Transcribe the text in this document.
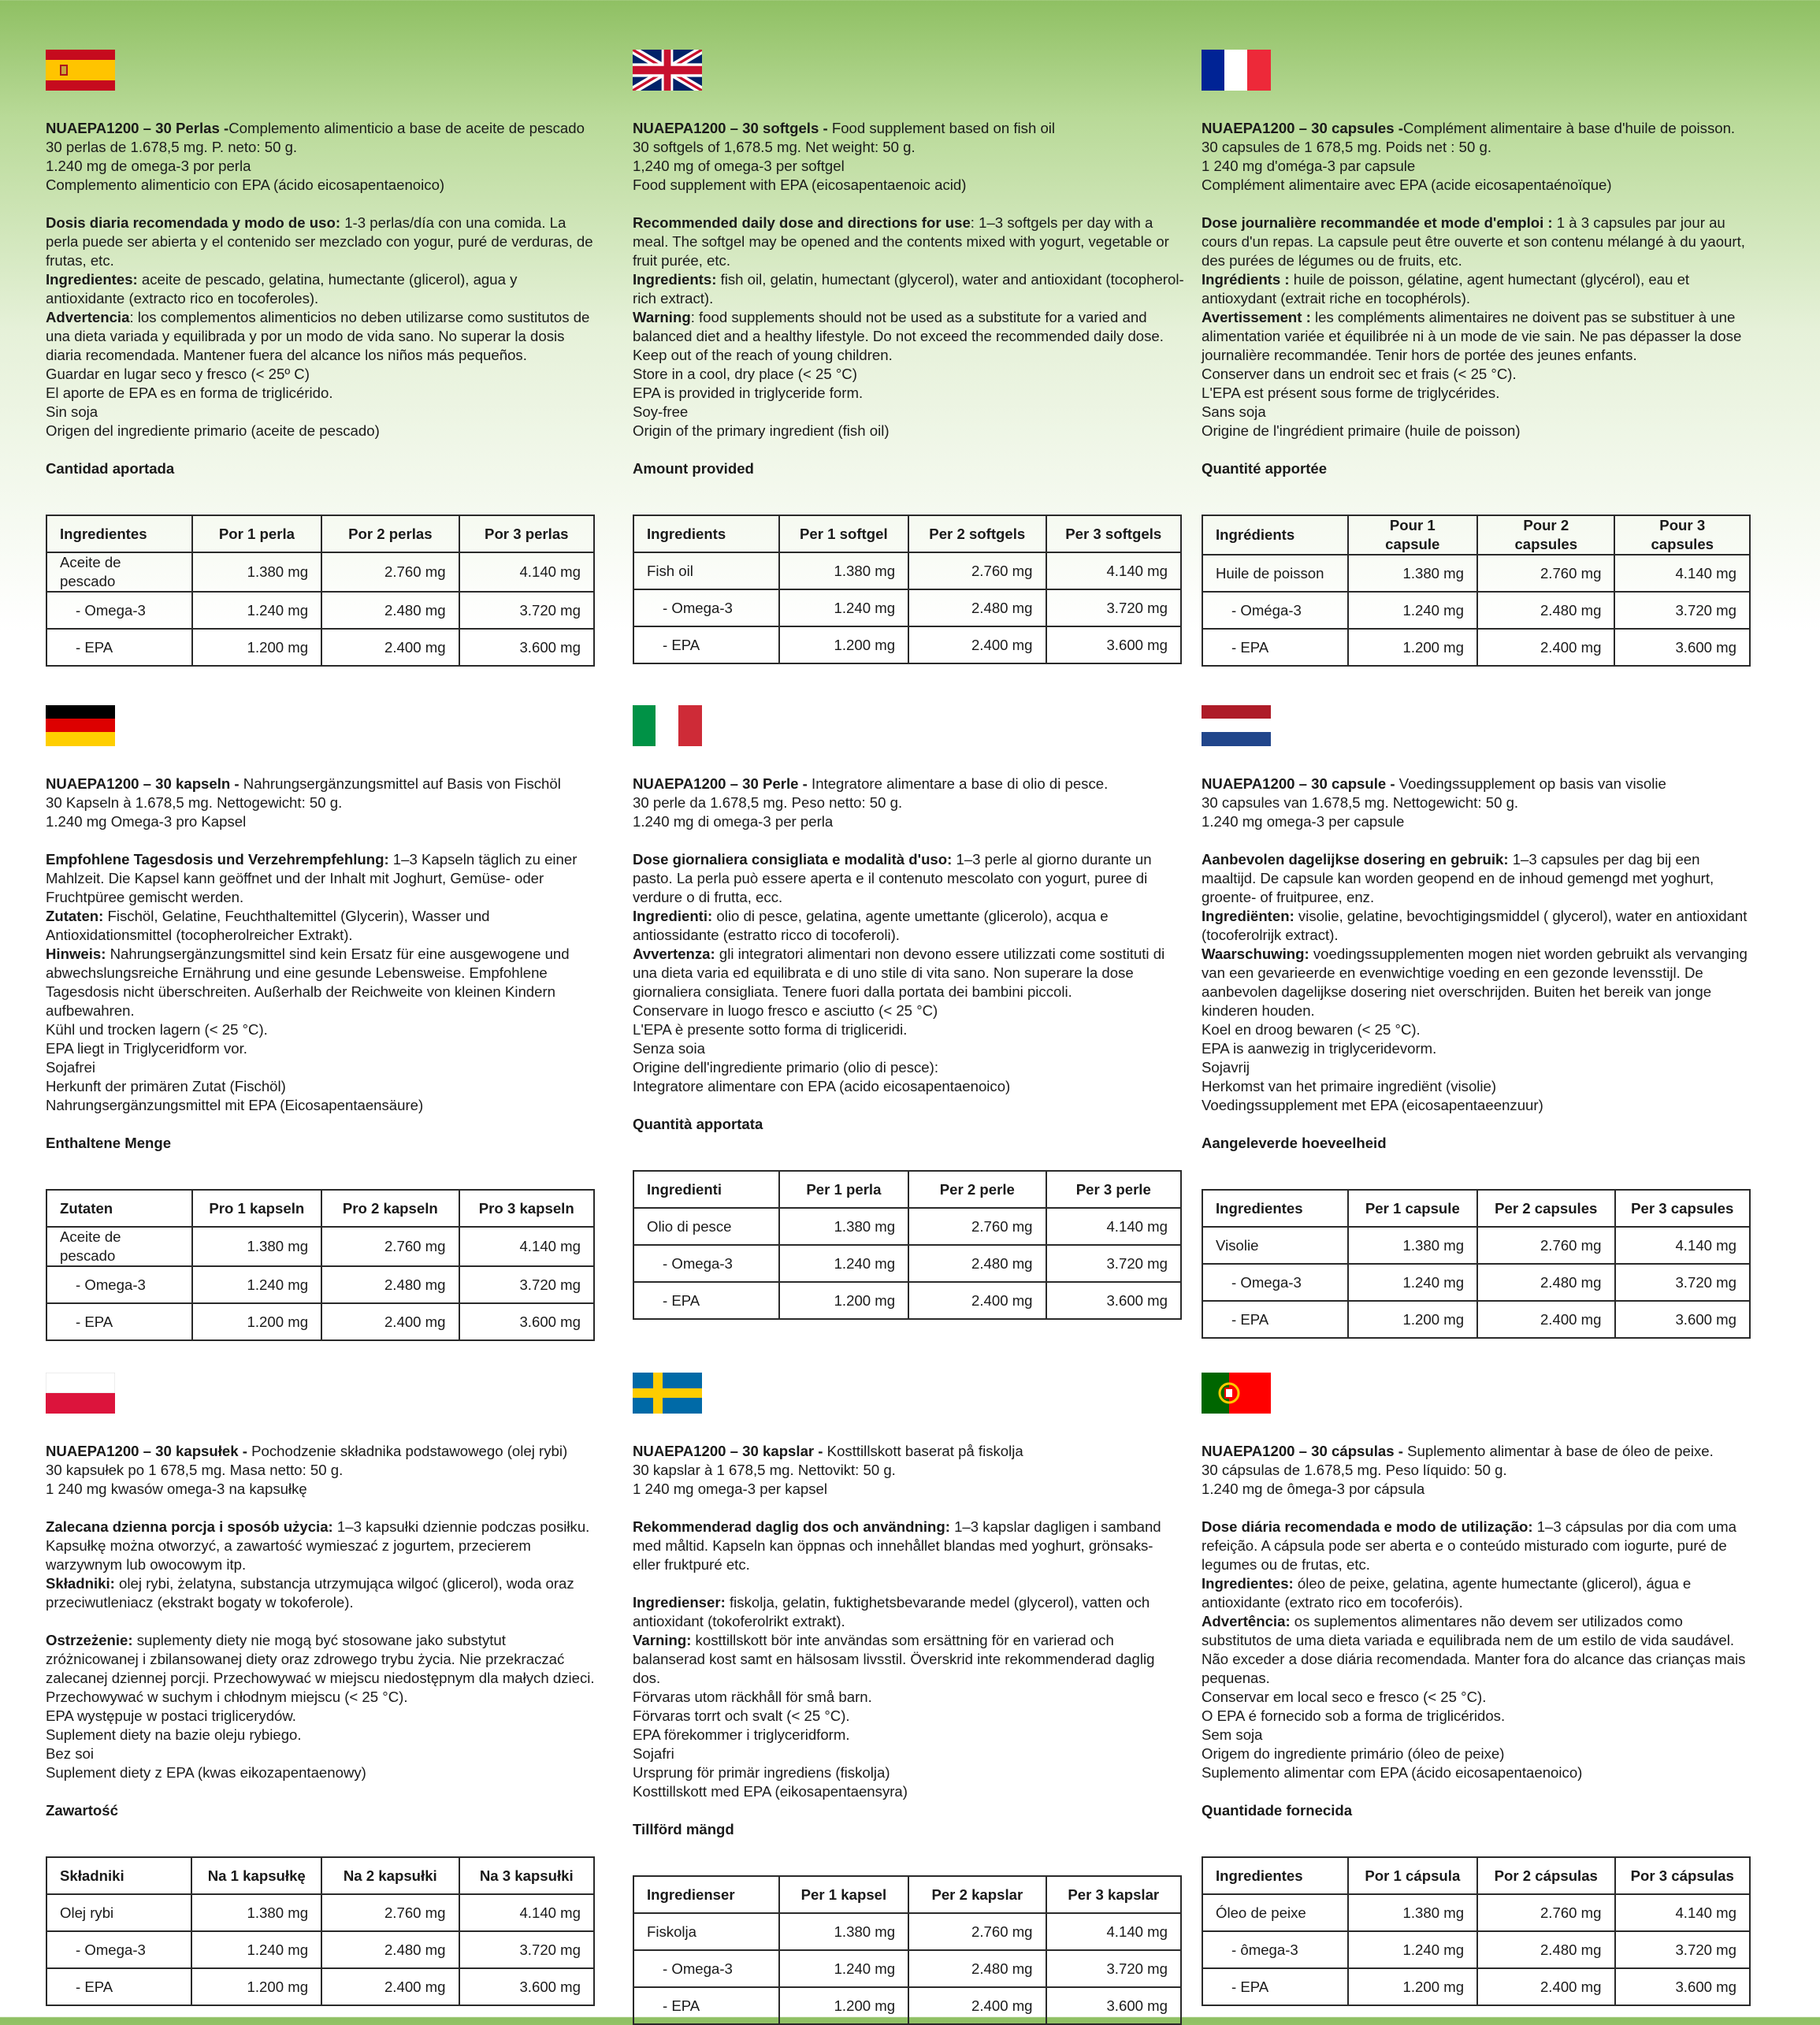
NUAEPA1200 – 30 Perlas -Complemento alimenticio a base de aceite de pescado

30 perlas de 1.678,5 mg. P. neto: 50 g.

1.240 mg de omega-3 por perla

Complemento alimenticio con EPA (ácido eicosapentaenoico)

Dosis diaria recomendada y modo de uso: 1-3 perlas/día con una comida. La perla puede ser abierta y el contenido ser mezclado con yogur, puré de verduras, de frutas, etc.

Ingredientes: aceite de pescado, gelatina, humectante (glicerol), agua y antioxidante (extracto rico en tocoferoles).

Advertencia: los complementos alimenticios no deben utilizarse como sustitutos de una dieta variada y equilibrada y por un modo de vida sano. No superar la dosis diaria recomendada. Mantener fuera del alcance los niños más pequeños.

Guardar en lugar seco y fresco (< 25º C)

El aporte de EPA es en forma de triglicérido.

Sin soja

Origen del ingrediente primario (aceite de pescado)

Cantidad aportada

Ingredientes	Por 1 perla	Por 2 perlas	Por 3 perlas
Aceite de pescado	1.380 mg	2.760 mg	4.140 mg
- Omega-3	1.240 mg	2.480 mg	3.720 mg
- EPA	1.200 mg	2.400 mg	3.600 mg

NUAEPA1200 – 30 softgels - Food supplement based on fish oil

30 softgels of 1,678.5 mg. Net weight: 50 g.

1,240 mg of omega-3 per softgel

Food supplement with EPA (eicosapentaenoic acid)

Recommended daily dose and directions for use: 1–3 softgels per day with a meal. The softgel may be opened and the contents mixed with yogurt, vegetable or fruit purée, etc.

Ingredients: fish oil, gelatin, humectant (glycerol), water and antioxidant (tocopherol-rich extract).

Warning: food supplements should not be used as a substitute for a varied and balanced diet and a healthy lifestyle. Do not exceed the recommended daily dose. Keep out of the reach of young children.

Store in a cool, dry place (< 25 °C)

EPA is provided in triglyceride form.

Soy-free

Origin of the primary ingredient (fish oil)

Amount provided

Ingredients	Per 1 softgel	Per 2 softgels	Per 3 softgels
Fish oil	1.380 mg	2.760 mg	4.140 mg
- Omega-3	1.240 mg	2.480 mg	3.720 mg
- EPA	1.200 mg	2.400 mg	3.600 mg

NUAEPA1200 – 30 capsules -Complément alimentaire à base d'huile de poisson.

30 capsules de 1 678,5 mg. Poids net : 50 g.

1 240 mg d'oméga-3 par capsule

Complément alimentaire avec EPA (acide eicosapentaénoïque)

Dose journalière recommandée et mode d'emploi : 1 à 3 capsules par jour au cours d'un repas. La capsule peut être ouverte et son contenu mélangé à du yaourt, des purées de légumes ou de fruits, etc.

Ingrédients : huile de poisson, gélatine, agent humectant (glycérol), eau et antioxydant (extrait riche en tocophérols).

Avertissement : les compléments alimentaires ne doivent pas se substituer à une alimentation variée et équilibrée ni à un mode de vie sain. Ne pas dépasser la dose journalière recommandée. Tenir hors de portée des jeunes enfants.

Conserver dans un endroit sec et frais (< 25 °C).

L'EPA est présent sous forme de triglycérides.

Sans soja

Origine de l'ingrédient primaire (huile de poisson)

Quantité apportée

Ingrédients	Pour 1 capsule	Pour 2 capsules	Pour 3 capsules
Huile de poisson	1.380 mg	2.760 mg	4.140 mg
- Oméga-3	1.240 mg	2.480 mg	3.720 mg
- EPA	1.200 mg	2.400 mg	3.600 mg

NUAEPA1200 – 30 kapseln - Nahrungsergänzungsmittel auf Basis von Fischöl

30 Kapseln à 1.678,5 mg. Nettogewicht: 50 g.

1.240 mg Omega-3 pro Kapsel

Empfohlene Tagesdosis und Verzehrempfehlung: 1–3 Kapseln täglich zu einer Mahlzeit. Die Kapsel kann geöffnet und der Inhalt mit Joghurt, Gemüse- oder Fruchtpüree gemischt werden.

Zutaten: Fischöl, Gelatine, Feuchthaltemittel (Glycerin), Wasser und Antioxidationsmittel (tocopherolreicher Extrakt).

Hinweis: Nahrungsergänzungsmittel sind kein Ersatz für eine ausgewogene und abwechslungsreiche Ernährung und eine gesunde Lebensweise. Empfohlene Tagesdosis nicht überschreiten. Außerhalb der Reichweite von kleinen Kindern aufbewahren.

Kühl und trocken lagern (< 25 °C).

EPA liegt in Triglyceridform vor.

Sojafrei

Herkunft der primären Zutat (Fischöl)

Nahrungsergänzungsmittel mit EPA (Eicosapentaensäure)

Enthaltene Menge

Zutaten	Pro 1 kapseln	Pro 2 kapseln	Pro 3 kapseln
Aceite de pescado	1.380 mg	2.760 mg	4.140 mg
- Omega-3	1.240 mg	2.480 mg	3.720 mg
- EPA	1.200 mg	2.400 mg	3.600 mg

NUAEPA1200 – 30 Perle - Integratore alimentare a base di olio di pesce.

30 perle da 1.678,5 mg. Peso netto: 50 g.

1.240 mg di omega-3 per perla

Dose giornaliera consigliata e modalità d'uso: 1–3 perle al giorno durante un pasto. La perla può essere aperta e il contenuto mescolato con yogurt, puree di verdure o di frutta, ecc.

Ingredienti: olio di pesce, gelatina, agente umettante (glicerolo), acqua e antiossidante (estratto ricco di tocoferoli).

Avvertenza: gli integratori alimentari non devono essere utilizzati come sostituti di una dieta varia ed equilibrata e di uno stile di vita sano. Non superare la dose giornaliera consigliata. Tenere fuori dalla portata dei bambini piccoli.

Conservare in luogo fresco e asciutto (< 25 °C)

L'EPA è presente sotto forma di trigliceridi.

Senza soia

Origine dell'ingrediente primario (olio di pesce):

Integratore alimentare con EPA (acido eicosapentaenoico)

Quantità apportata

Ingredienti	Per 1 perla	Per 2 perle	Per 3 perle
Olio di pesce	1.380 mg	2.760 mg	4.140 mg
- Omega-3	1.240 mg	2.480 mg	3.720 mg
- EPA	1.200 mg	2.400 mg	3.600 mg

NUAEPA1200 – 30 capsule - Voedingssupplement op basis van visolie

30 capsules van 1.678,5 mg. Nettogewicht: 50 g.

1.240 mg omega-3 per capsule

Aanbevolen dagelijkse dosering en gebruik: 1–3 capsules per dag bij een maaltijd. De capsule kan worden geopend en de inhoud gemengd met yoghurt, groente- of fruitpuree, enz.

Ingrediënten: visolie, gelatine, bevochtigingsmiddel ( glycerol), water en antioxidant (tocoferolrijk extract).

Waarschuwing: voedingssupplementen mogen niet worden gebruikt als vervanging van een gevarieerde en evenwichtige voeding en een gezonde levensstijl. De aanbevolen dagelijkse dosering niet overschrijden. Buiten het bereik van jonge kinderen houden.

Koel en droog bewaren (< 25 °C).

EPA is aanwezig in triglyceridevorm.

Sojavrij

Herkomst van het primaire ingrediënt (visolie)

Voedingssupplement met EPA (eicosapentaeenzuur)

Aangeleverde hoeveelheid

Ingredientes	Per 1 capsule	Per 2 capsules	Per 3 capsules
Visolie	1.380 mg	2.760 mg	4.140 mg
- Omega-3	1.240 mg	2.480 mg	3.720 mg
- EPA	1.200 mg	2.400 mg	3.600 mg

NUAEPA1200 – 30 kapsułek - Pochodzenie składnika podstawowego (olej rybi)

30 kapsułek po 1 678,5 mg. Masa netto: 50 g.

1 240 mg kwasów omega-3 na kapsułkę

Zalecana dzienna porcja i sposób użycia: 1–3 kapsułki dziennie podczas posiłku. Kapsułkę można otworzyć, a zawartość wymieszać z jogurtem, przecierem warzywnym lub owocowym itp.

Składniki: olej rybi, żelatyna, substancja utrzymująca wilgoć (glicerol), woda oraz przeciwutleniacz (ekstrakt bogaty w tokoferole).

Ostrzeżenie: suplementy diety nie mogą być stosowane jako substytut zróżnicowanej i zbilansowanej diety oraz zdrowego trybu życia. Nie przekraczać zalecanej dziennej porcji. Przechowywać w miejscu niedostępnym dla małych dzieci.

Przechowywać w suchym i chłodnym miejscu (< 25 °C).

EPA występuje w postaci triglicerydów.

Suplement diety na bazie oleju rybiego.

Bez soi

Suplement diety z EPA (kwas eikozapentaenowy)

Zawartość

Składniki	Na 1 kapsułkę	Na 2 kapsułki	Na 3 kapsułki
Olej rybi	1.380 mg	2.760 mg	4.140 mg
- Omega-3	1.240 mg	2.480 mg	3.720 mg
- EPA	1.200 mg	2.400 mg	3.600 mg

NUAEPA1200 – 30 kapslar - Kosttillskott baserat på fiskolja

30 kapslar à 1 678,5 mg. Nettovikt: 50 g.

1 240 mg omega-3 per kapsel

Rekommenderad daglig dos och användning: 1–3 kapslar dagligen i samband med måltid. Kapseln kan öppnas och innehållet blandas med yoghurt, grönsaks- eller fruktpuré etc.

Ingredienser: fiskolja, gelatin, fuktighetsbevarande medel (glycerol), vatten och antioxidant (tokoferolrikt extrakt).

Varning: kosttillskott bör inte användas som ersättning för en varierad och balanserad kost samt en hälsosam livsstil. Överskrid inte rekommenderad daglig dos.

Förvaras utom räckhåll för små barn.

Förvaras torrt och svalt (< 25 °C).

EPA förekommer i triglyceridform.

Sojafri

Ursprung för primär ingrediens (fiskolja)

Kosttillskott med EPA (eikosapentaensyra)

Tillförd mängd

Ingredienser	Per 1 kapsel	Per 2 kapslar	Per 3 kapslar
Fiskolja	1.380 mg	2.760 mg	4.140 mg
- Omega-3	1.240 mg	2.480 mg	3.720 mg
- EPA	1.200 mg	2.400 mg	3.600 mg

NUAEPA1200 – 30 cápsulas - Suplemento alimentar à base de óleo de peixe.

30 cápsulas de 1.678,5 mg. Peso líquido: 50 g.

1.240 mg de ômega-3 por cápsula

Dose diária recomendada e modo de utilização: 1–3 cápsulas por dia com uma refeição. A cápsula pode ser aberta e o conteúdo misturado com iogurte, puré de legumes ou de frutas, etc.

Ingredientes: óleo de peixe, gelatina, agente humectante (glicerol), água e antioxidante (extrato rico em tocoferóis).

Advertência: os suplementos alimentares não devem ser utilizados como substitutos de uma dieta variada e equilibrada nem de um estilo de vida saudável. Não exceder a dose diária recomendada. Manter fora do alcance das crianças mais pequenas.

Conservar em local seco e fresco (< 25 °C).

O EPA é fornecido sob a forma de triglicéridos.

Sem soja

Origem do ingrediente primário (óleo de peixe)

Suplemento alimentar com EPA (ácido eicosapentaenoico)

Quantidade fornecida

Ingredientes	Por 1 cápsula	Por 2 cápsulas	Por 3 cápsulas
Óleo de peixe	1.380 mg	2.760 mg	4.140 mg
- ômega-3	1.240 mg	2.480 mg	3.720 mg
- EPA	1.200 mg	2.400 mg	3.600 mg
